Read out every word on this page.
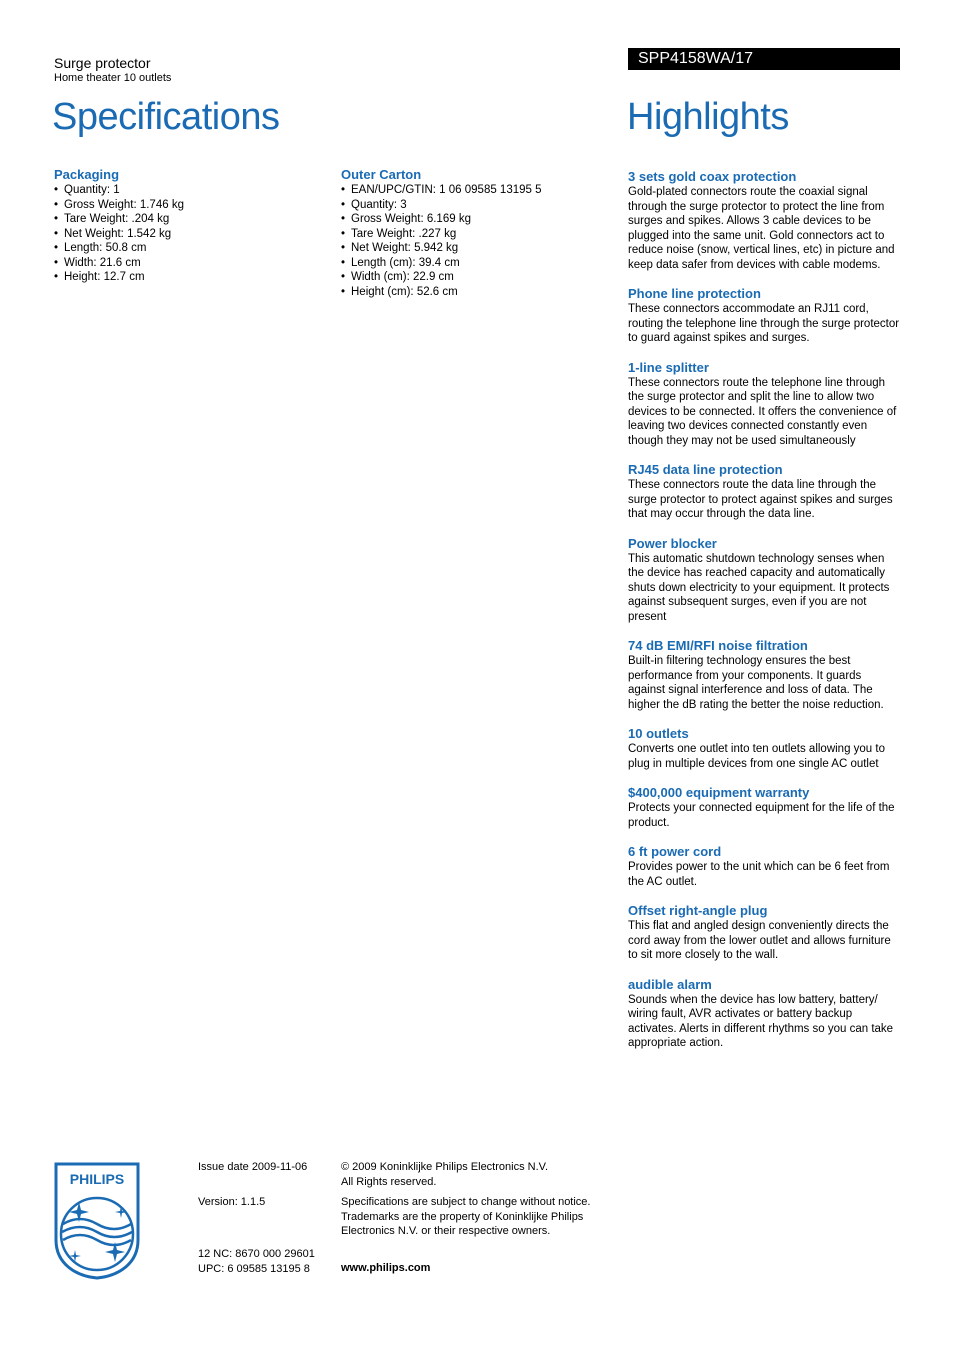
Surge protector
Home theater 10 outlets
SPP4158WA/17
Specifications	Highlights
Packaging
• Quantity: 1
• Gross Weight: 1.746 kg
• Tare Weight: .204 kg
• Net Weight: 1.542 kg
• Length: 50.8 cm
• Width: 21.6 cm
• Height: 12.7 cm
Outer Carton
• EAN/UPC/GTIN: 1 06 09585 13195 5
• Quantity: 3
• Gross Weight: 6.169 kg
• Tare Weight: .227 kg
• Net Weight: 5.942 kg
• Length (cm): 39.4 cm
• Width (cm): 22.9 cm
• Height (cm): 52.6 cm
3 sets gold coax protection

Gold-plated connectors route the coaxial signal through the surge protector to protect the line from surges and spikes. Allows 3 cable devices to be plugged into the same unit. Gold connectors act to reduce noise (snow, vertical lines, etc) in picture and keep data safer from devices with cable modems.

Phone line protection

These connectors accommodate an RJ11 cord, routing the telephone line through the surge protector to guard against spikes and surges.

1-line splitter

These connectors route the telephone line through the surge protector and split the line to allow two devices to be connected. It offers the convenience of leaving two devices connected constantly even though they may not be used simultaneously

RJ45 data line protection

These connectors route the data line through the surge protector to protect against spikes and surges that may occur through the data line.

Power blocker

This automatic shutdown technology senses when the device has reached capacity and automatically shuts down electricity to your equipment. It protects against subsequent surges, even if you are not present

74 dB EMI/RFI noise filtration

Built-in filtering technology ensures the best performance from your components. It guards against signal interference and loss of data. The higher the dB rating the better the noise reduction.

10 outlets

Converts one outlet into ten outlets allowing you to plug in multiple devices from one single AC outlet

$400,000 equipment warranty

Protects your connected equipment for the life of the product.

6 ft power cord

Provides power to the unit which can be 6 feet from the AC outlet.

Offset right-angle plug

This flat and angled design conveniently directs the cord away from the lower outlet and allows furniture to sit more closely to the wall.

audible alarm

Sounds when the device has low battery, battery/ wiring fault, AVR activates or battery backup activates. Alerts in different rhythms so you can take appropriate action.

PHILIPS
Issue date 2009-11-06
Version: 1.1.5
12 NC: 8670 000 29601
UPC: 6 09585 13195 8
© 2009 Koninklijke Philips Electronics N.V.
All Rights reserved.
Specifications are subject to change without notice.
Trademarks are the property of Koninklijke Philips
Electronics N.V. or their respective owners.
www.philips.com
